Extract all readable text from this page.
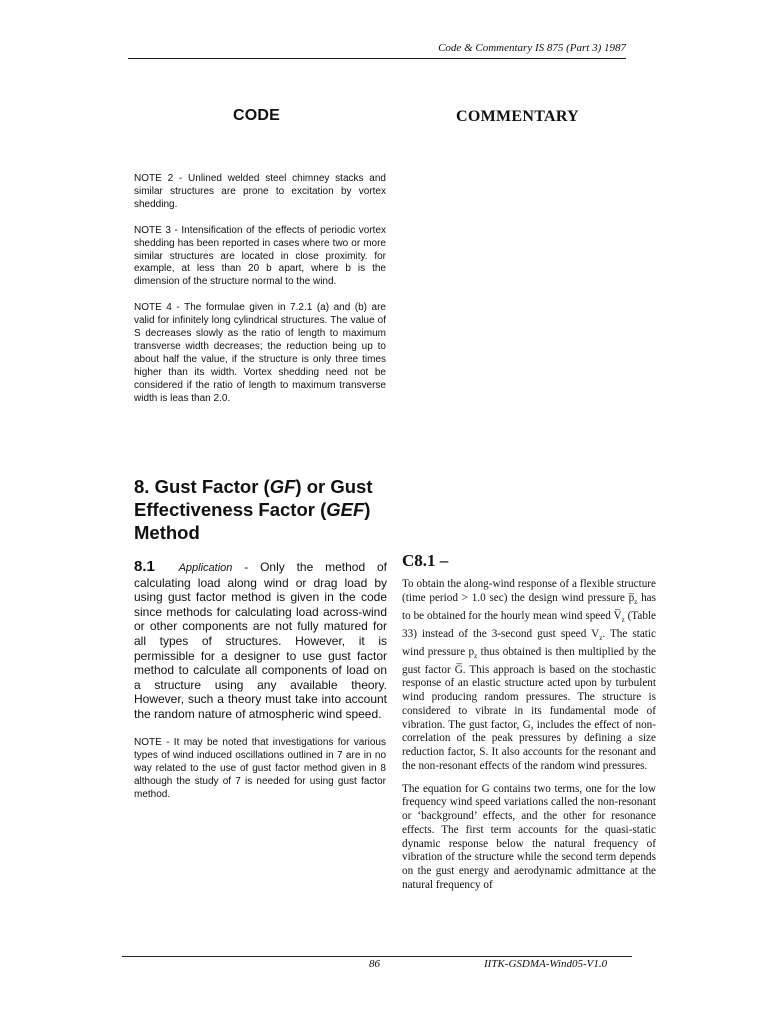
Code & Commentary IS 875 (Part 3) 1987
CODE	COMMENTARY

NOTE 2 - Unlined welded steel chimney stacks and similar structures are prone to excitation by vortex shedding.

NOTE 3 - Intensification of the effects of periodic vortex shedding has been reported in cases where two or more similar structures are located in close proximity. for example, at less than 20 b apart, where b is the dimension of the structure normal to the wind.

NOTE 4 - The formulae given in 7.2.1 (a) and (b) are valid for infinitely long cylindrical structures. The value of S decreases slowly as the ratio of length to maximum transverse width decreases; the reduction being up to about half the value, if the structure is only three times higher than its width. Vortex shedding need not be considered if the ratio of length to maximum transverse width is leas than 2.0.

8. Gust Factor (GF) or Gust Effectiveness Factor (GEF) Method

8.1 Application - Only the method of calculating load along wind or drag load by using gust factor method is given in the code since methods for calculating load across-wind or other components are not fully matured for all types of structures. However, it is permissible for a designer to use gust factor method to calculate all components of load on a structure using any available theory. However, such a theory must take into account the random nature of atmospheric wind speed.

NOTE - It may be noted that investigations for various types of wind induced oscillations outlined in 7 are in no way related to the use of gust factor method given in 8 although the study of 7 is needed for using gust factor method.

C8.1 –

To obtain the along-wind response of a flexible structure (time period > 1.0 sec) the design wind pressure $p̅_z$ has to be obtained for the hourly mean wind speed $V̅_z$ (Table 33) instead of the 3-second gust speed $V_z$. The static wind pressure $p_z$ thus obtained is then multiplied by the gust factor G̅. This approach is based on the stochastic response of an elastic structure acted upon by turbulent wind producing random pressures. The structure is considered to vibrate in its fundamental mode of vibration. The gust factor, G, includes the effect of non-correlation of the peak pressures by defining a size reduction factor, S. It also accounts for the resonant and the non-resonant effects of the random wind pressures.

The equation for G contains two terms, one for the low frequency wind speed variations called the non-resonant or ‘background’ effects, and the other for resonance effects. The first term accounts for the quasi-static dynamic response below the natural frequency of vibration of the structure while the second term depends on the gust energy and aerodynamic admittance at the natural frequency of

86	IITK-GSDMA-Wind05-V1.0
